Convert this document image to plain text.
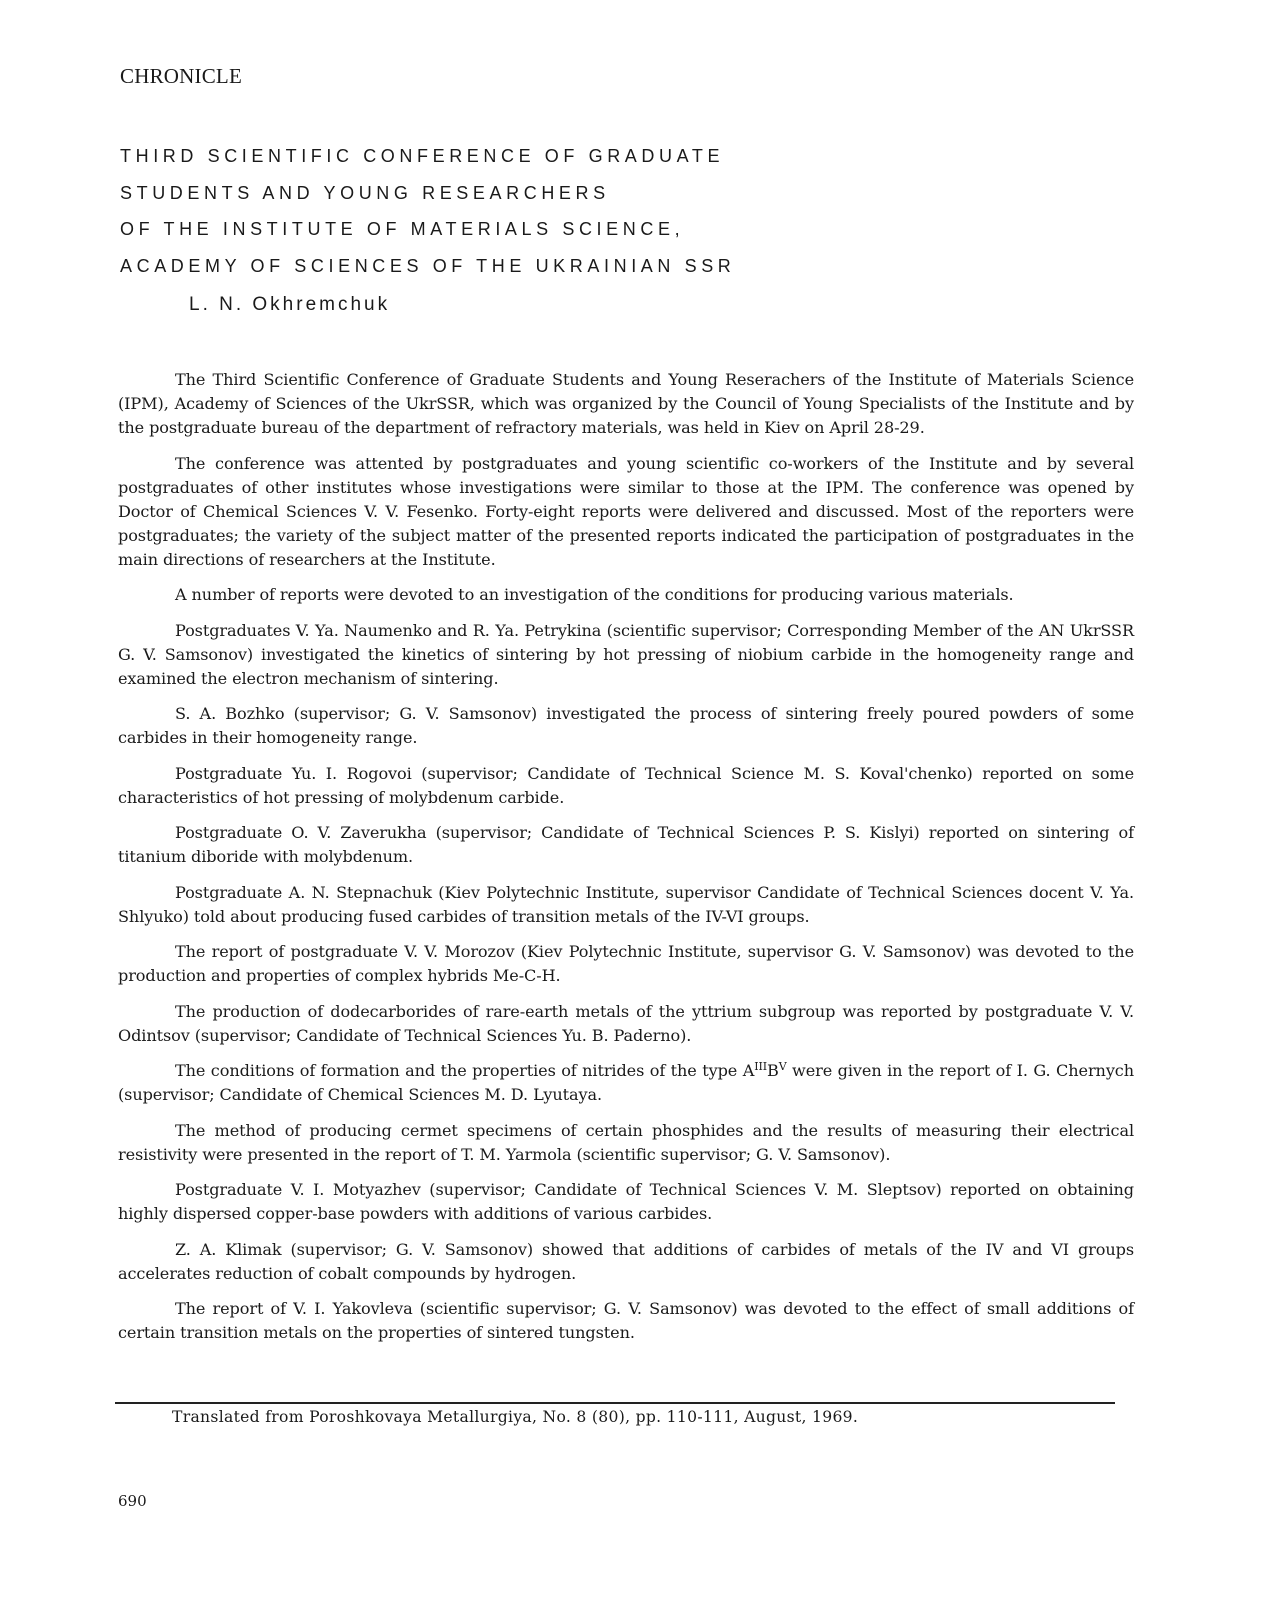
CHRONICLE
THIRD SCIENTIFIC CONFERENCE OF GRADUATE
STUDENTS AND YOUNG RESEARCHERS
OF THE INSTITUTE OF MATERIALS SCIENCE,
ACADEMY OF SCIENCES OF THE UKRAINIAN SSR
L. N. Okhremchuk

The Third Scientific Conference of Graduate Students and Young Reserachers of the Institute of Materials Science (IPM), Academy of Sciences of the UkrSSR, which was organized by the Council of Young Specialists of the Institute and by the postgraduate bureau of the department of refractory materials, was held in Kiev on April 28-29.

The conference was attented by postgraduates and young scientific co-workers of the Institute and by several postgraduates of other institutes whose investigations were similar to those at the IPM. The conference was opened by Doctor of Chemical Sciences V. V. Fesenko. Forty-eight reports were delivered and discussed. Most of the reporters were postgraduates; the variety of the subject matter of the presented reports indicated the participation of postgraduates in the main directions of researchers at the Institute.

A number of reports were devoted to an investigation of the conditions for producing various materials.

Postgraduates V. Ya. Naumenko and R. Ya. Petrykina (scientific supervisor; Corresponding Member of the AN UkrSSR G. V. Samsonov) investigated the kinetics of sintering by hot pressing of niobium carbide in the homogeneity range and examined the electron mechanism of sintering.

S. A. Bozhko (supervisor; G. V. Samsonov) investigated the process of sintering freely poured powders of some carbides in their homogeneity range.

Postgraduate Yu. I. Rogovoi (supervisor; Candidate of Technical Science M. S. Koval'chenko) reported on some characteristics of hot pressing of molybdenum carbide.

Postgraduate O. V. Zaverukha (supervisor; Candidate of Technical Sciences P. S. Kislyi) reported on sintering of titanium diboride with molybdenum.

Postgraduate A. N. Stepnachuk (Kiev Polytechnic Institute, supervisor Candidate of Technical Sciences docent V. Ya. Shlyuko) told about producing fused carbides of transition metals of the IV-VI groups.

The report of postgraduate V. V. Morozov (Kiev Polytechnic Institute, supervisor G. V. Samsonov) was devoted to the production and properties of complex hybrids Me-C-H.

The production of dodecarborides of rare-earth metals of the yttrium subgroup was reported by postgraduate V. V. Odintsov (supervisor; Candidate of Technical Sciences Yu. B. Paderno).

The conditions of formation and the properties of nitrides of the type $A^{III}B^V$ were given in the report of I. G. Chernych (supervisor; Candidate of Chemical Sciences M. D. Lyutaya.

The method of producing cermet specimens of certain phosphides and the results of measuring their electrical resistivity were presented in the report of T. M. Yarmola (scientific supervisor; G. V. Samsonov).

Postgraduate V. I. Motyazhev (supervisor; Candidate of Technical Sciences V. M. Sleptsov) reported on obtaining highly dispersed copper-base powders with additions of various carbides.

Z. A. Klimak (supervisor; G. V. Samsonov) showed that additions of carbides of metals of the IV and VI groups accelerates reduction of cobalt compounds by hydrogen.

The report of V. I. Yakovleva (scientific supervisor; G. V. Samsonov) was devoted to the effect of small additions of certain transition metals on the properties of sintered tungsten.

Translated from Poroshkovaya Metallurgiya, No. 8 (80), pp. 110-111, August, 1969.
690
